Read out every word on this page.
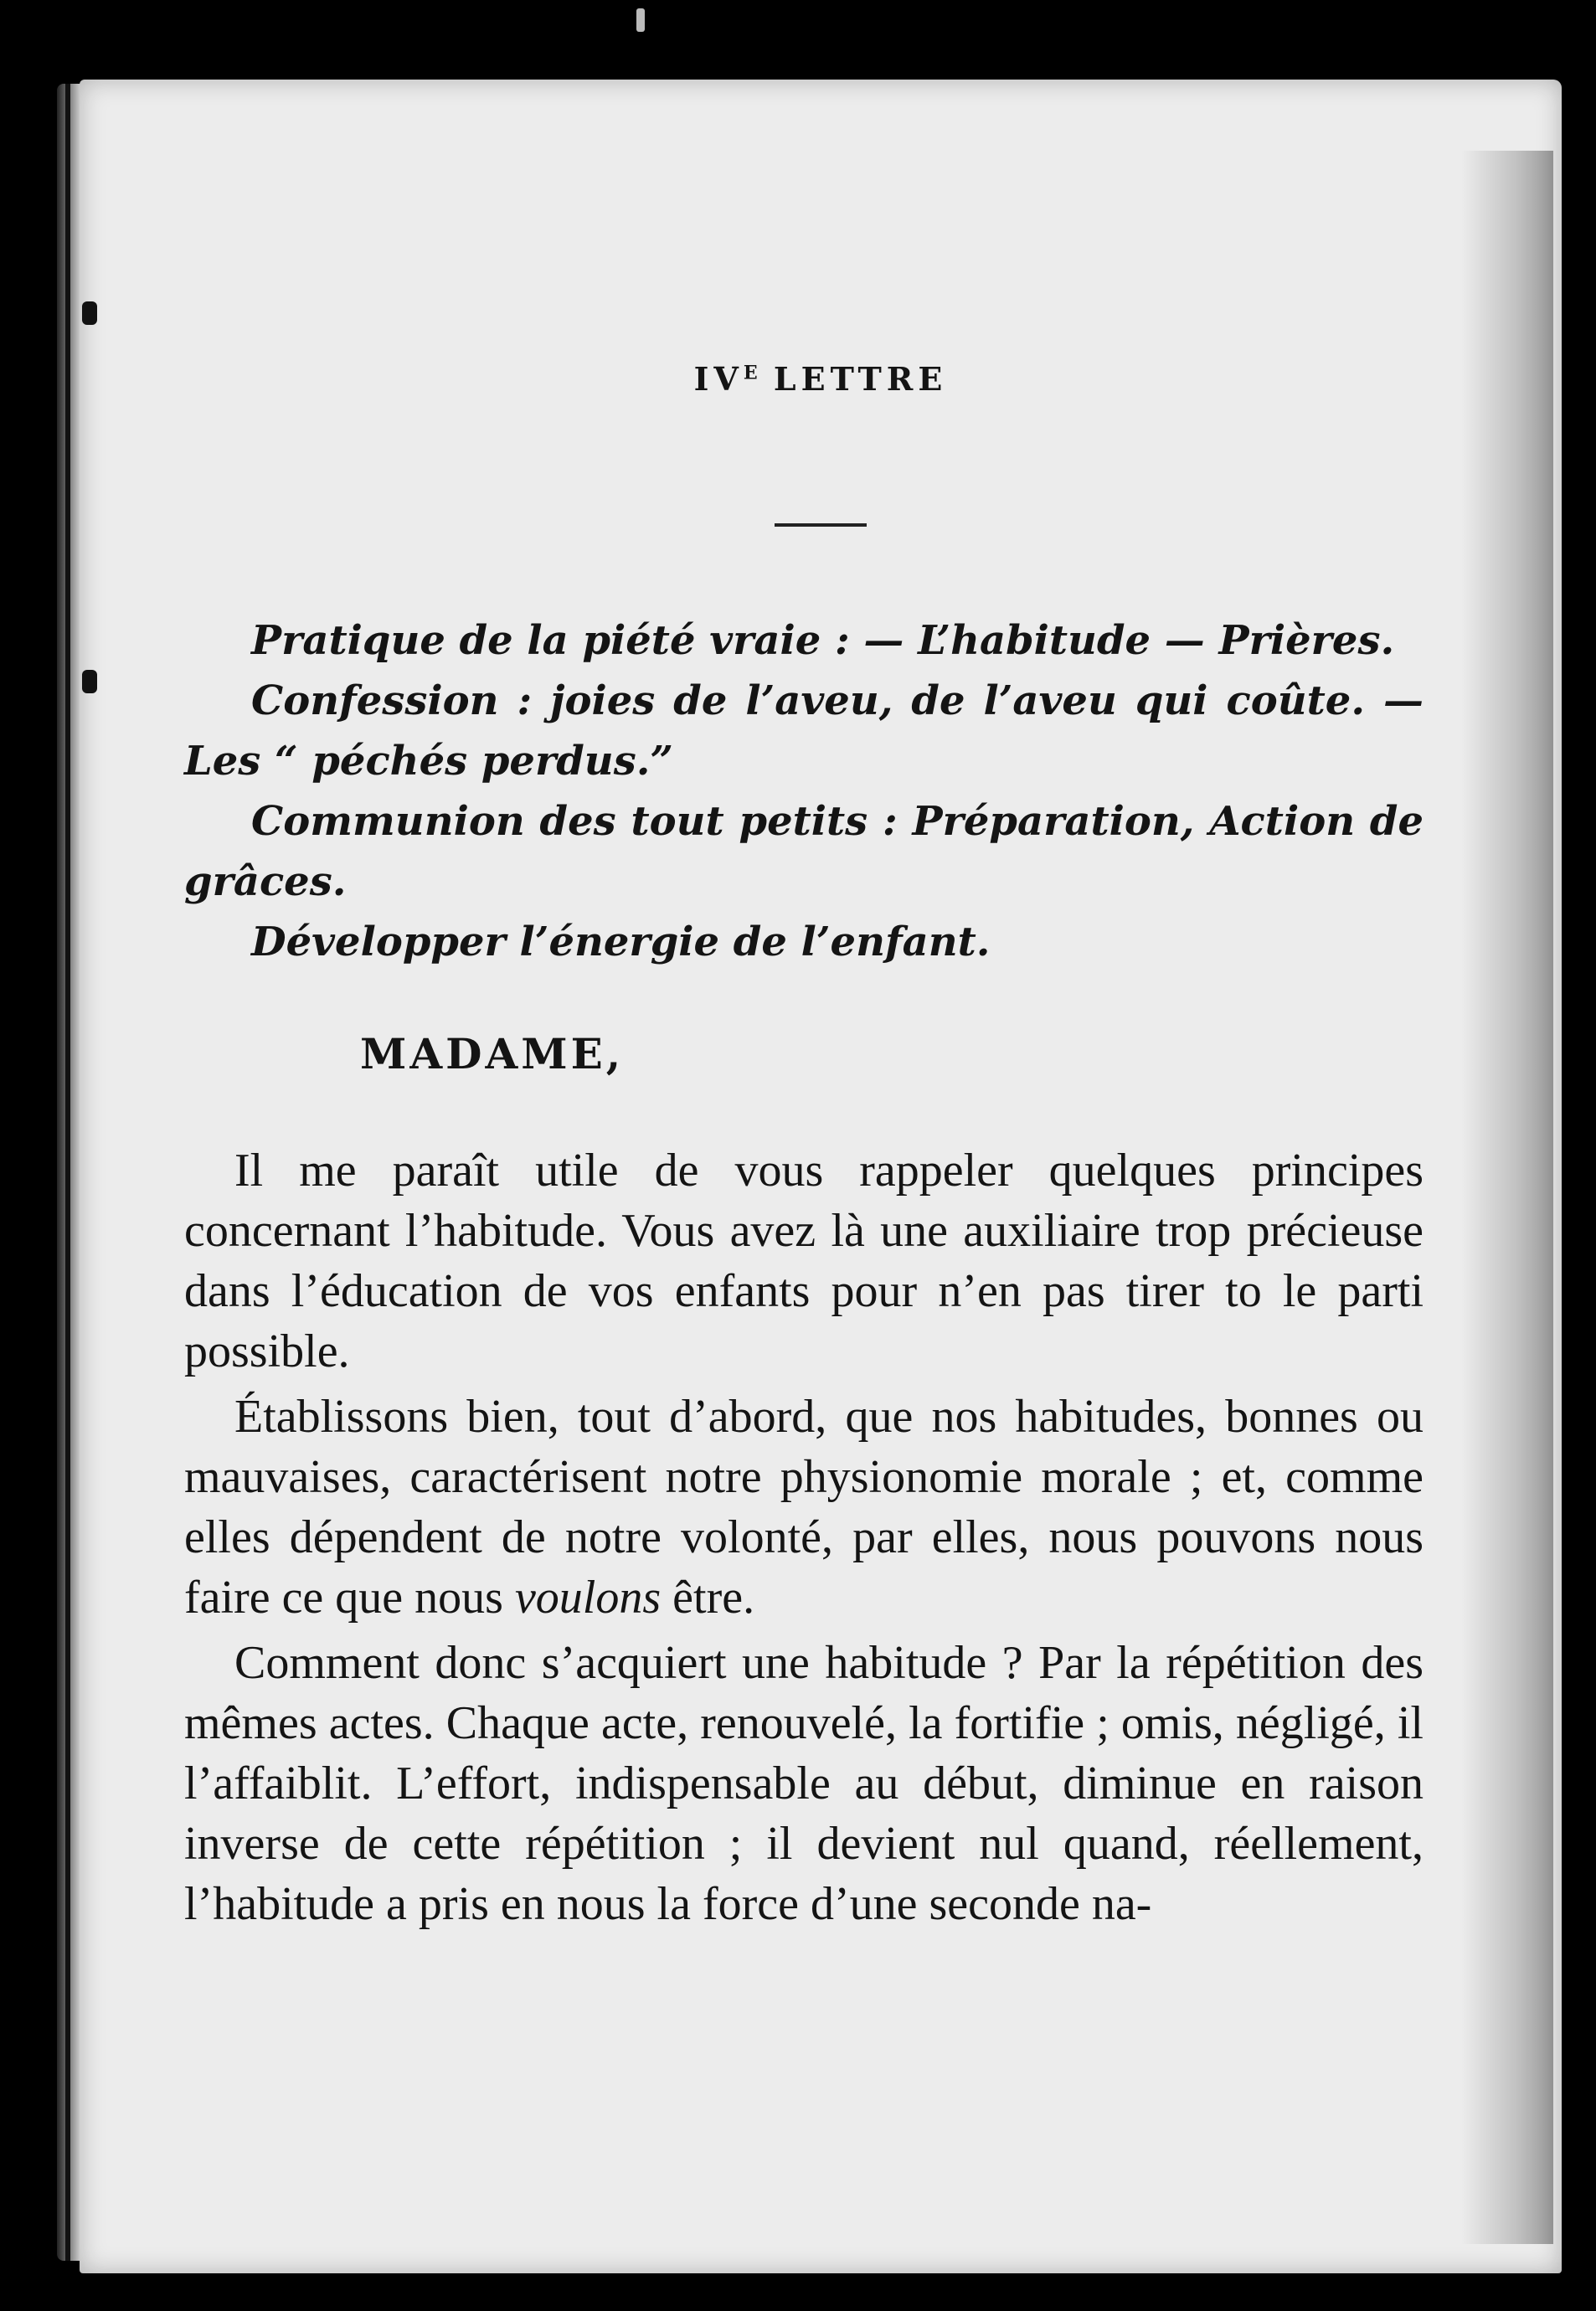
$IV^E$ LETTRE

Pratique de la piété vraie : — L’habitude — Prières.

Confession : joies de l’aveu, de l’aveu qui coûte. — Les “ péchés perdus.”

Communion des tout petits : Préparation, Action de grâces.

Développer l’énergie de l’enfant.

MADAME,

Il me paraît utile de vous rappeler quelques principes concernant l’habitude. Vous avez là une auxiliaire trop précieuse dans l’éducation de vos enfants pour n’en pas tirer to le parti possible.

Établissons bien, tout d’abord, que nos habitudes, bonnes ou mauvaises, caractérisent notre physionomie morale ; et, comme elles dépendent de notre volonté, par elles, nous pouvons nous faire ce que nous voulons être.

Comment donc s’acquiert une habitude ? Par la répétition des mêmes actes. Chaque acte, renouvelé, la fortifie ; omis, négligé, il l’affaiblit. L’effort, indispensable au début, diminue en raison inverse de cette répétition ; il devient nul quand, réellement, l’habitude a pris en nous la force d’une seconde na-
